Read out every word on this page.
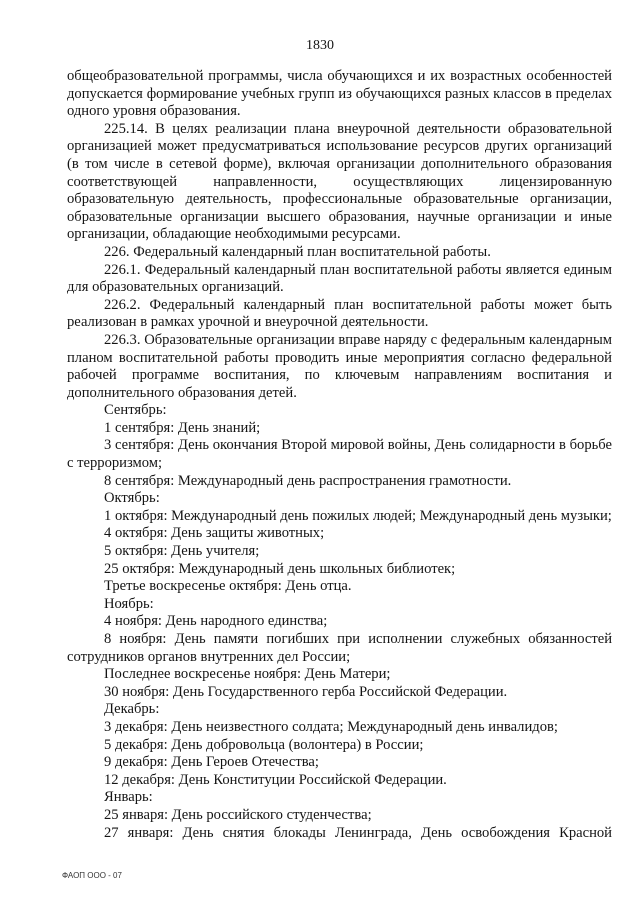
1830

общеобразовательной программы, числа обучающихся и их возрастных особенностей допускается формирование учебных групп из обучающихся разных классов в пределах одного уровня образования.

225.14. В целях реализации плана внеурочной деятельности образовательной организацией может предусматриваться использование ресурсов других организаций (в том числе в сетевой форме), включая организации дополнительного образования соответствующей направленности, осуществляющих лицензированную образовательную деятельность, профессиональные образовательные организации, образовательные организации высшего образования, научные организации и иные организации, обладающие необходимыми ресурсами.

226. Федеральный календарный план воспитательной работы.

226.1. Федеральный календарный план воспитательной работы является единым для образовательных организаций.

226.2. Федеральный календарный план воспитательной работы может быть реализован в рамках урочной и внеурочной деятельности.

226.3. Образовательные организации вправе наряду с федеральным календарным планом воспитательной работы проводить иные мероприятия согласно федеральной рабочей программе воспитания, по ключевым направлениям воспитания и дополнительного образования детей.

Сентябрь:

1 сентября: День знаний;

3 сентября: День окончания Второй мировой войны, День солидарности в борьбе с терроризмом;

8 сентября: Международный день распространения грамотности.

Октябрь:

1 октября: Международный день пожилых людей; Международный день музыки;

4 октября: День защиты животных;

5 октября: День учителя;

25 октября: Международный день школьных библиотек;

Третье воскресенье октября: День отца.

Ноябрь:

4 ноября: День народного единства;

8 ноября: День памяти погибших при исполнении служебных обязанностей сотрудников органов внутренних дел России;

Последнее воскресенье ноября: День Матери;

30 ноября: День Государственного герба Российской Федерации.

Декабрь:

3 декабря: День неизвестного солдата; Международный день инвалидов;

5 декабря: День добровольца (волонтера) в России;

9 декабря: День Героев Отечества;

12 декабря: День Конституции Российской Федерации.

Январь:

25 января: День российского студенчества;

27 января: День снятия блокады Ленинграда, День освобождения Красной

ФАОП ООО - 07
